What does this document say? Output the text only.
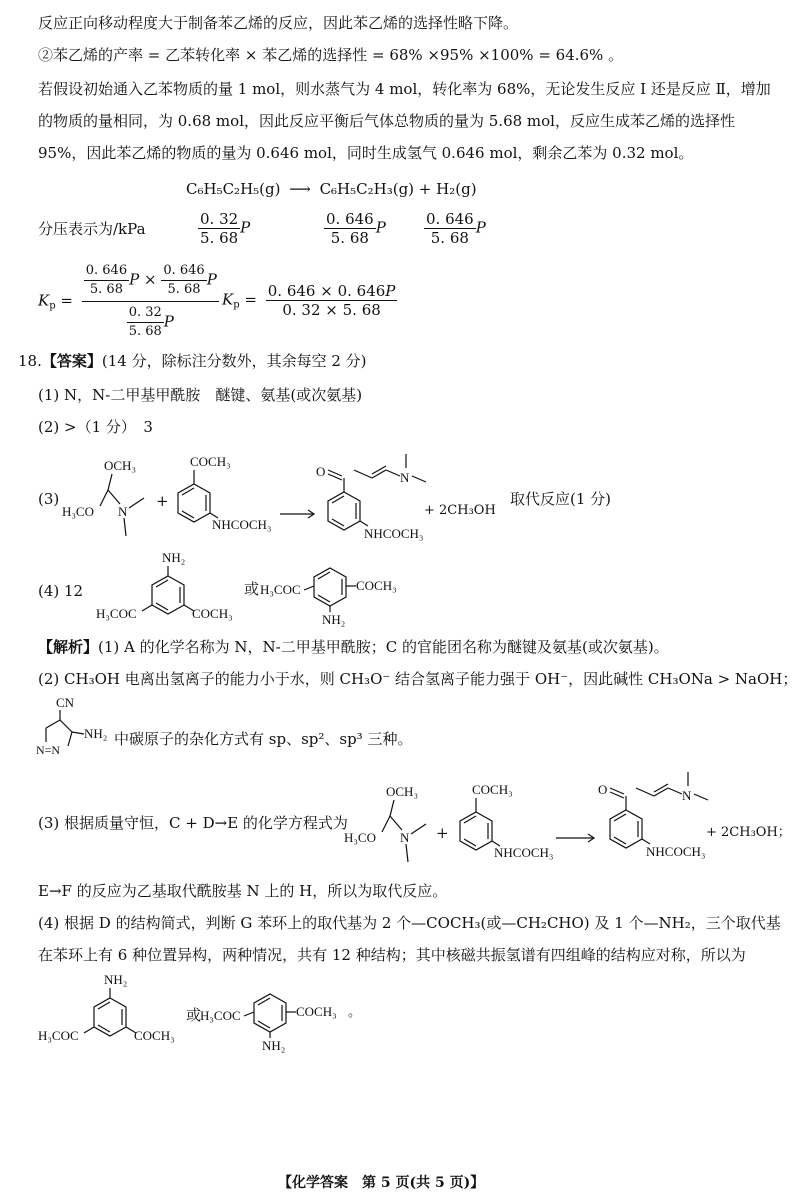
反应正向移动程度大于制备苯乙烯的反应，因此苯乙烯的选择性略下降。
②苯乙烯的产率 = 乙苯转化率 × 苯乙烯的选择性 = 68% ×95% ×100% = 64.6% 。
若假设初始通入乙苯物质的量 1 mol，则水蒸气为 4 mol，转化率为 68%，无论发生反应 Ⅰ 还是反应 Ⅱ，增加
的物质的量相同，为 0.68 mol，因此反应平衡后气体总物质的量为 5.68 mol，反应生成苯乙烯的选择性
95%，因此苯乙烯的物质的量为 0.646 mol，同时生成氢气 0.646 mol，剩余乙苯为 0.32 mol。
C₆H₅C₂H₅(g) ⟶ C₆H₅C₂H₃(g) + H₂(g)
分压表示为/kPa	$\frac{0. 32}{5. 68}$ P	$\frac{0. 646}{5. 68}$ P	$\frac{0. 646}{5. 68}$ P
$K_p = \frac{\frac{0. 646}{5. 68} P \times \frac{0. 646}{5. 68} P}{\frac{0. 32}{5. 68} P} K_p = \frac{0. 646 \times 0. 646P}{0. 32 \times 5. 68}$
18.【答案】(14 分，除标注分数外，其余每空 2 分)
(1) N，N-二甲基甲酰胺　醚键、氨基(或次氨基)
(2) >（1 分）　3
(3)
OCH₃
N
H₃CO
+
COCH₃
NHCOCH₃
N
O
NHCOCH₃
+ 2CH₃OH
取代反应(1 分)
(4) 12
NH₂
H₃COC	COCH₃
或 H₃COC	COCH₃
NH₂
【解析】(1) A 的化学名称为 N，N-二甲基甲酰胺；C 的官能团名称为醚键及氨基(或次氨基)。
(2) CH₃OH 电离出氢离子的能力小于水，则 CH₃O⁻ 结合氢离子能力强于 OH⁻，因此碱性 CH₃ONa > NaOH；
CN
N=N
NH₂ 中碳原子的杂化方式有 sp、sp²、sp³ 三种。
(3) 根据质量守恒，C + D→E 的化学方程式为
OCH₃
N
H₃CO	+
COCH₃
NHCOCH₃
N
O
NHCOCH₃
+ 2CH₃OH；
E→F 的反应为乙基取代酰胺基 N 上的 H，所以为取代反应。
(4) 根据 D 的结构简式，判断 G 苯环上的取代基为 2 个—COCH₃(或—CH₂CHO) 及 1 个—NH₂，三个取代基
在苯环上有 6 种位置异构，两种情况，共有 12 种结构；其中核磁共振氢谱有四组峰的结构应对称，所以为
NH₂
H₃COC	COCH₃
或
H₃COC	COCH₃ 。
NH₂
【化学答案　第 5 页(共 5 页)】
